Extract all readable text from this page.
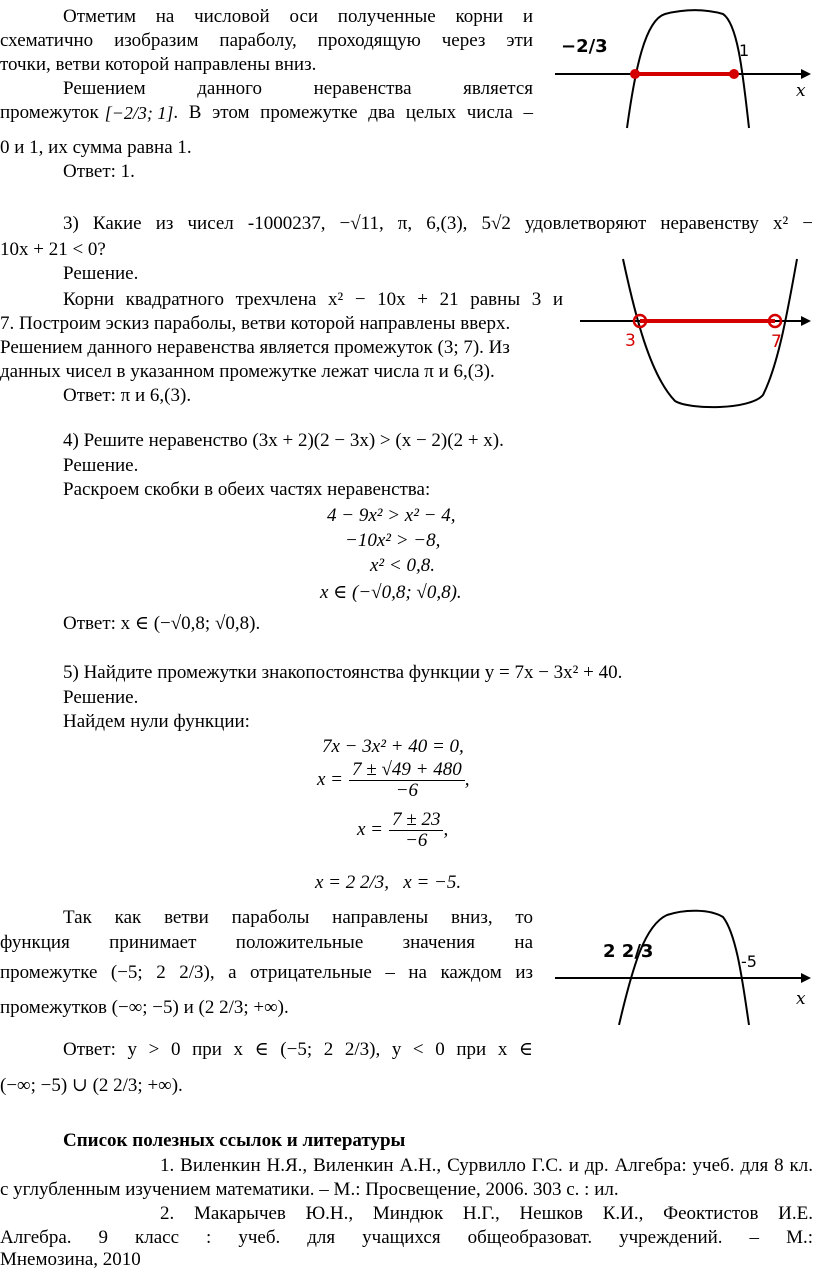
Отметим на числовой оси полученные корни и
схематично изобразим параболу, проходящую через эти
точки, ветви которой направлены вниз.
Решением данного неравенства является
промежуток [−2/3; 1] . В этом промежутке два целых числа –
0 и 1, их сумма равна 1.
Ответ: 1.
−2/3	1
x
3) Какие из чисел -1000237, −√11, π, 6,(3), 5√2 удовлетворяют неравенству x² −
10x + 21 < 0?
Решение.
Корни квадратного трехчлена x² − 10x + 21 равны 3 и
7. Построим эскиз параболы, ветви которой направлены вверх.
Решением данного неравенства является промежуток (3; 7). Из
данных чисел в указанном промежутке лежат числа π и 6,(3).
Ответ: π и 6,(3).
3	7
4) Решите неравенство (3x + 2)(2 − 3x) > (x − 2)(2 + x).
Решение.
Раскроем скобки в обеих частях неравенства:
4 − 9x² > x² − 4,
−10x² > −8,
x² < 0,8.
x ∈ (−√0,8; √0,8).
Ответ: x ∈ (−√0,8; √0,8).
5) Найдите промежутки знакопостоянства функции y = 7x − 3x² + 40.
Решение.
Найдем нули функции:
7x − 3x² + 40 = 0,
$x = \frac{7 \pm √49 + 480}{-6}$ ,
$x = \frac{7 \pm 23}{-6}$ ,
x = 2 2/3,   x = −5.
Так как ветви параболы направлены вниз, то
функция принимает положительные значения на
промежутке (−5; 2 2/3), а отрицательные – на каждом из
промежутков (−∞; −5) и (2 2/3; +∞).
Ответ: y > 0 при x ∈ (−5; 2 2/3), y < 0 при x ∈
(−∞; −5) ∪ (2 2/3; +∞).
2 2/3	-5
x
Список полезных ссылок и литературы
1. Виленкин Н.Я., Виленкин А.Н., Сурвилло Г.С. и др. Алгебра: учеб. для 8 кл.
с углубленным изучением математики. – М.: Просвещение, 2006. 303 с. : ил.
2. Макарычев Ю.Н., Миндюк Н.Г., Нешков К.И., Феоктистов И.Е.
Алгебра. 9 класс : учеб. для учащихся общеобразоват. учреждений. – М.:
Мнемозина, 2010
